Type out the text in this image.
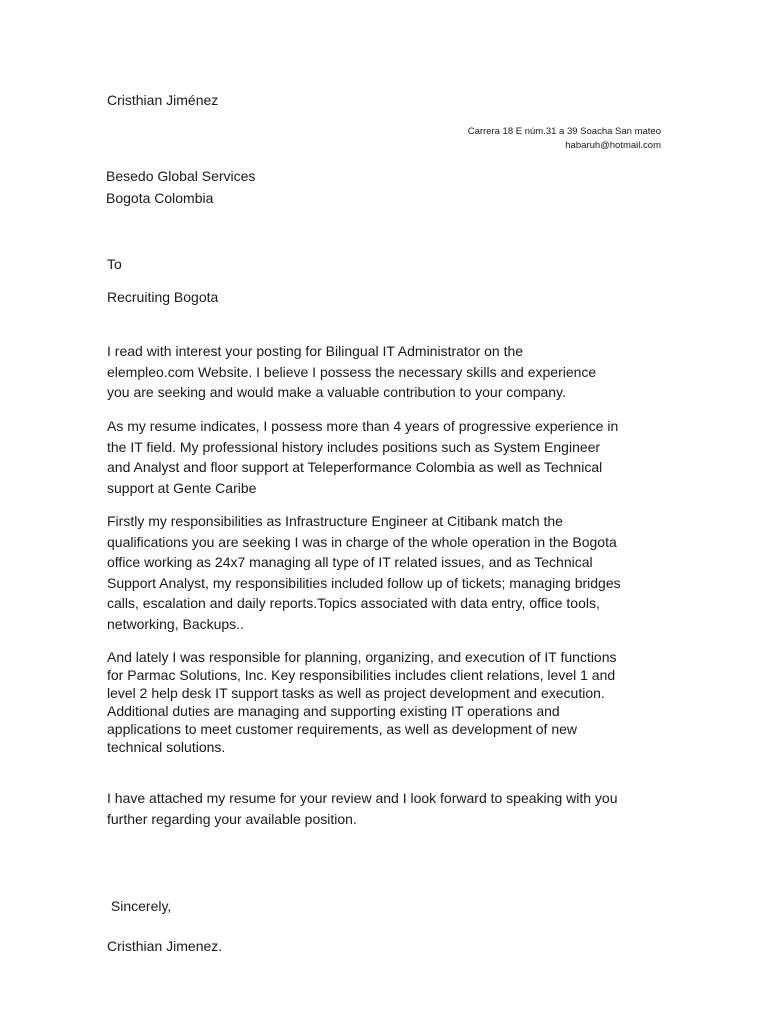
Cristhian Jiménez
Carrera 18 E núm.31 a 39 Soacha San mateo
habaruh@hotmail.com
Besedo Global Services
Bogota Colombia
To
Recruiting Bogota
I read with interest your posting for Bilingual IT Administrator on the
elempleo.com Website. I believe I possess the necessary skills and experience
you are seeking and would make a valuable contribution to your company.
As my resume indicates, I possess more than 4 years of progressive experience in
the IT field. My professional history includes positions such as System Engineer
and Analyst and floor support at Teleperformance Colombia as well as Technical
support at Gente Caribe
Firstly my responsibilities as Infrastructure Engineer at Citibank match the
qualifications you are seeking I was in charge of the whole operation in the Bogota
office working as 24x7 managing all type of IT related issues, and as Technical
Support Analyst, my responsibilities included follow up of tickets; managing bridges
calls, escalation and daily reports.Topics associated with data entry, office tools,
networking, Backups..
And lately I was responsible for planning, organizing, and execution of IT functions
for Parmac Solutions, Inc. Key responsibilities includes client relations, level 1 and
level 2 help desk IT support tasks as well as project development and execution.
Additional duties are managing and supporting existing IT operations and
applications to meet customer requirements, as well as development of new
technical solutions.
I have attached my resume for your review and I look forward to speaking with you
further regarding your available position.

Sincerely,

Cristhian Jimenez.
